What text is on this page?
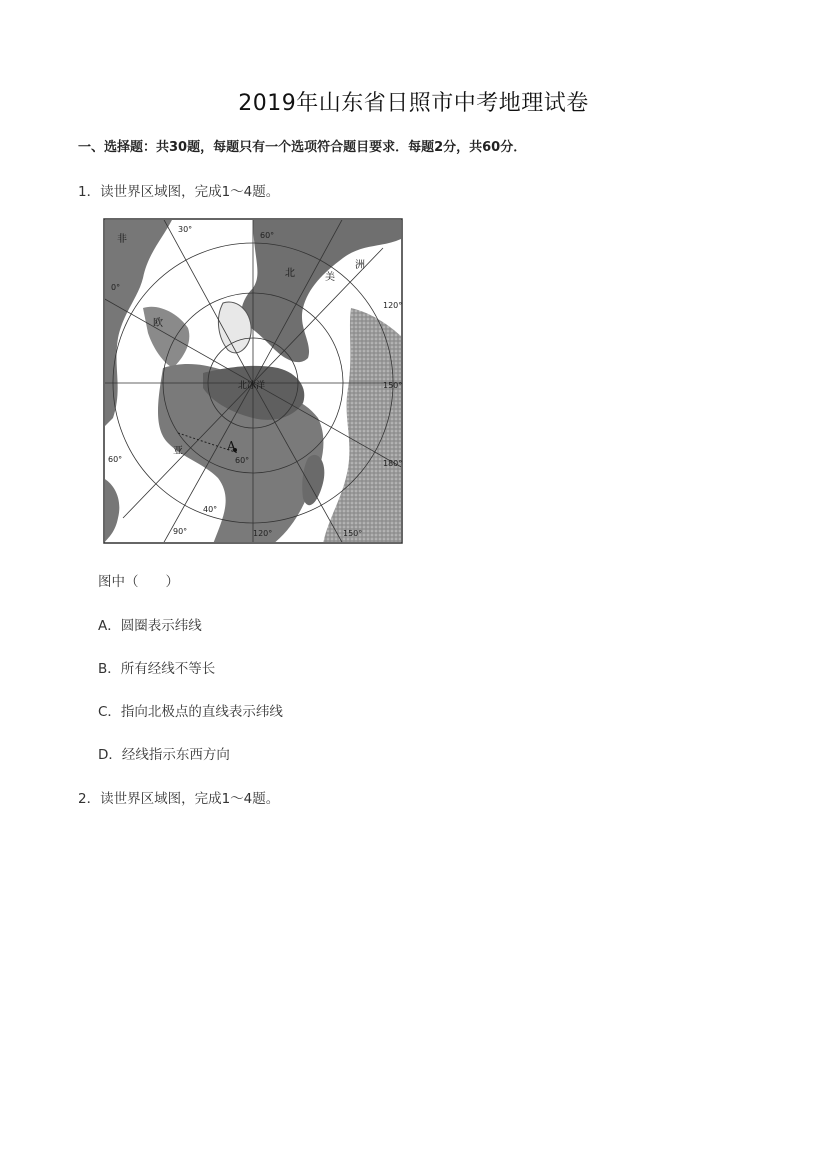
2019年山东省日照市中考地理试卷
一、选择题：共30题，每题只有一个选项符合题目要求．每题2分，共60分．
1．读世界区域图，完成1～4题。
北冰洋
A
30°
60°
90°	120°	150°
180°
150°
120°
0°
60°
40°
60°
非
欧
亚
北	美
洲
图中（　　）
A．圆圈表示纬线
B．所有经线不等长
C．指向北极点的直线表示纬线
D．经线指示东西方向
2．读世界区域图，完成1～4题。
